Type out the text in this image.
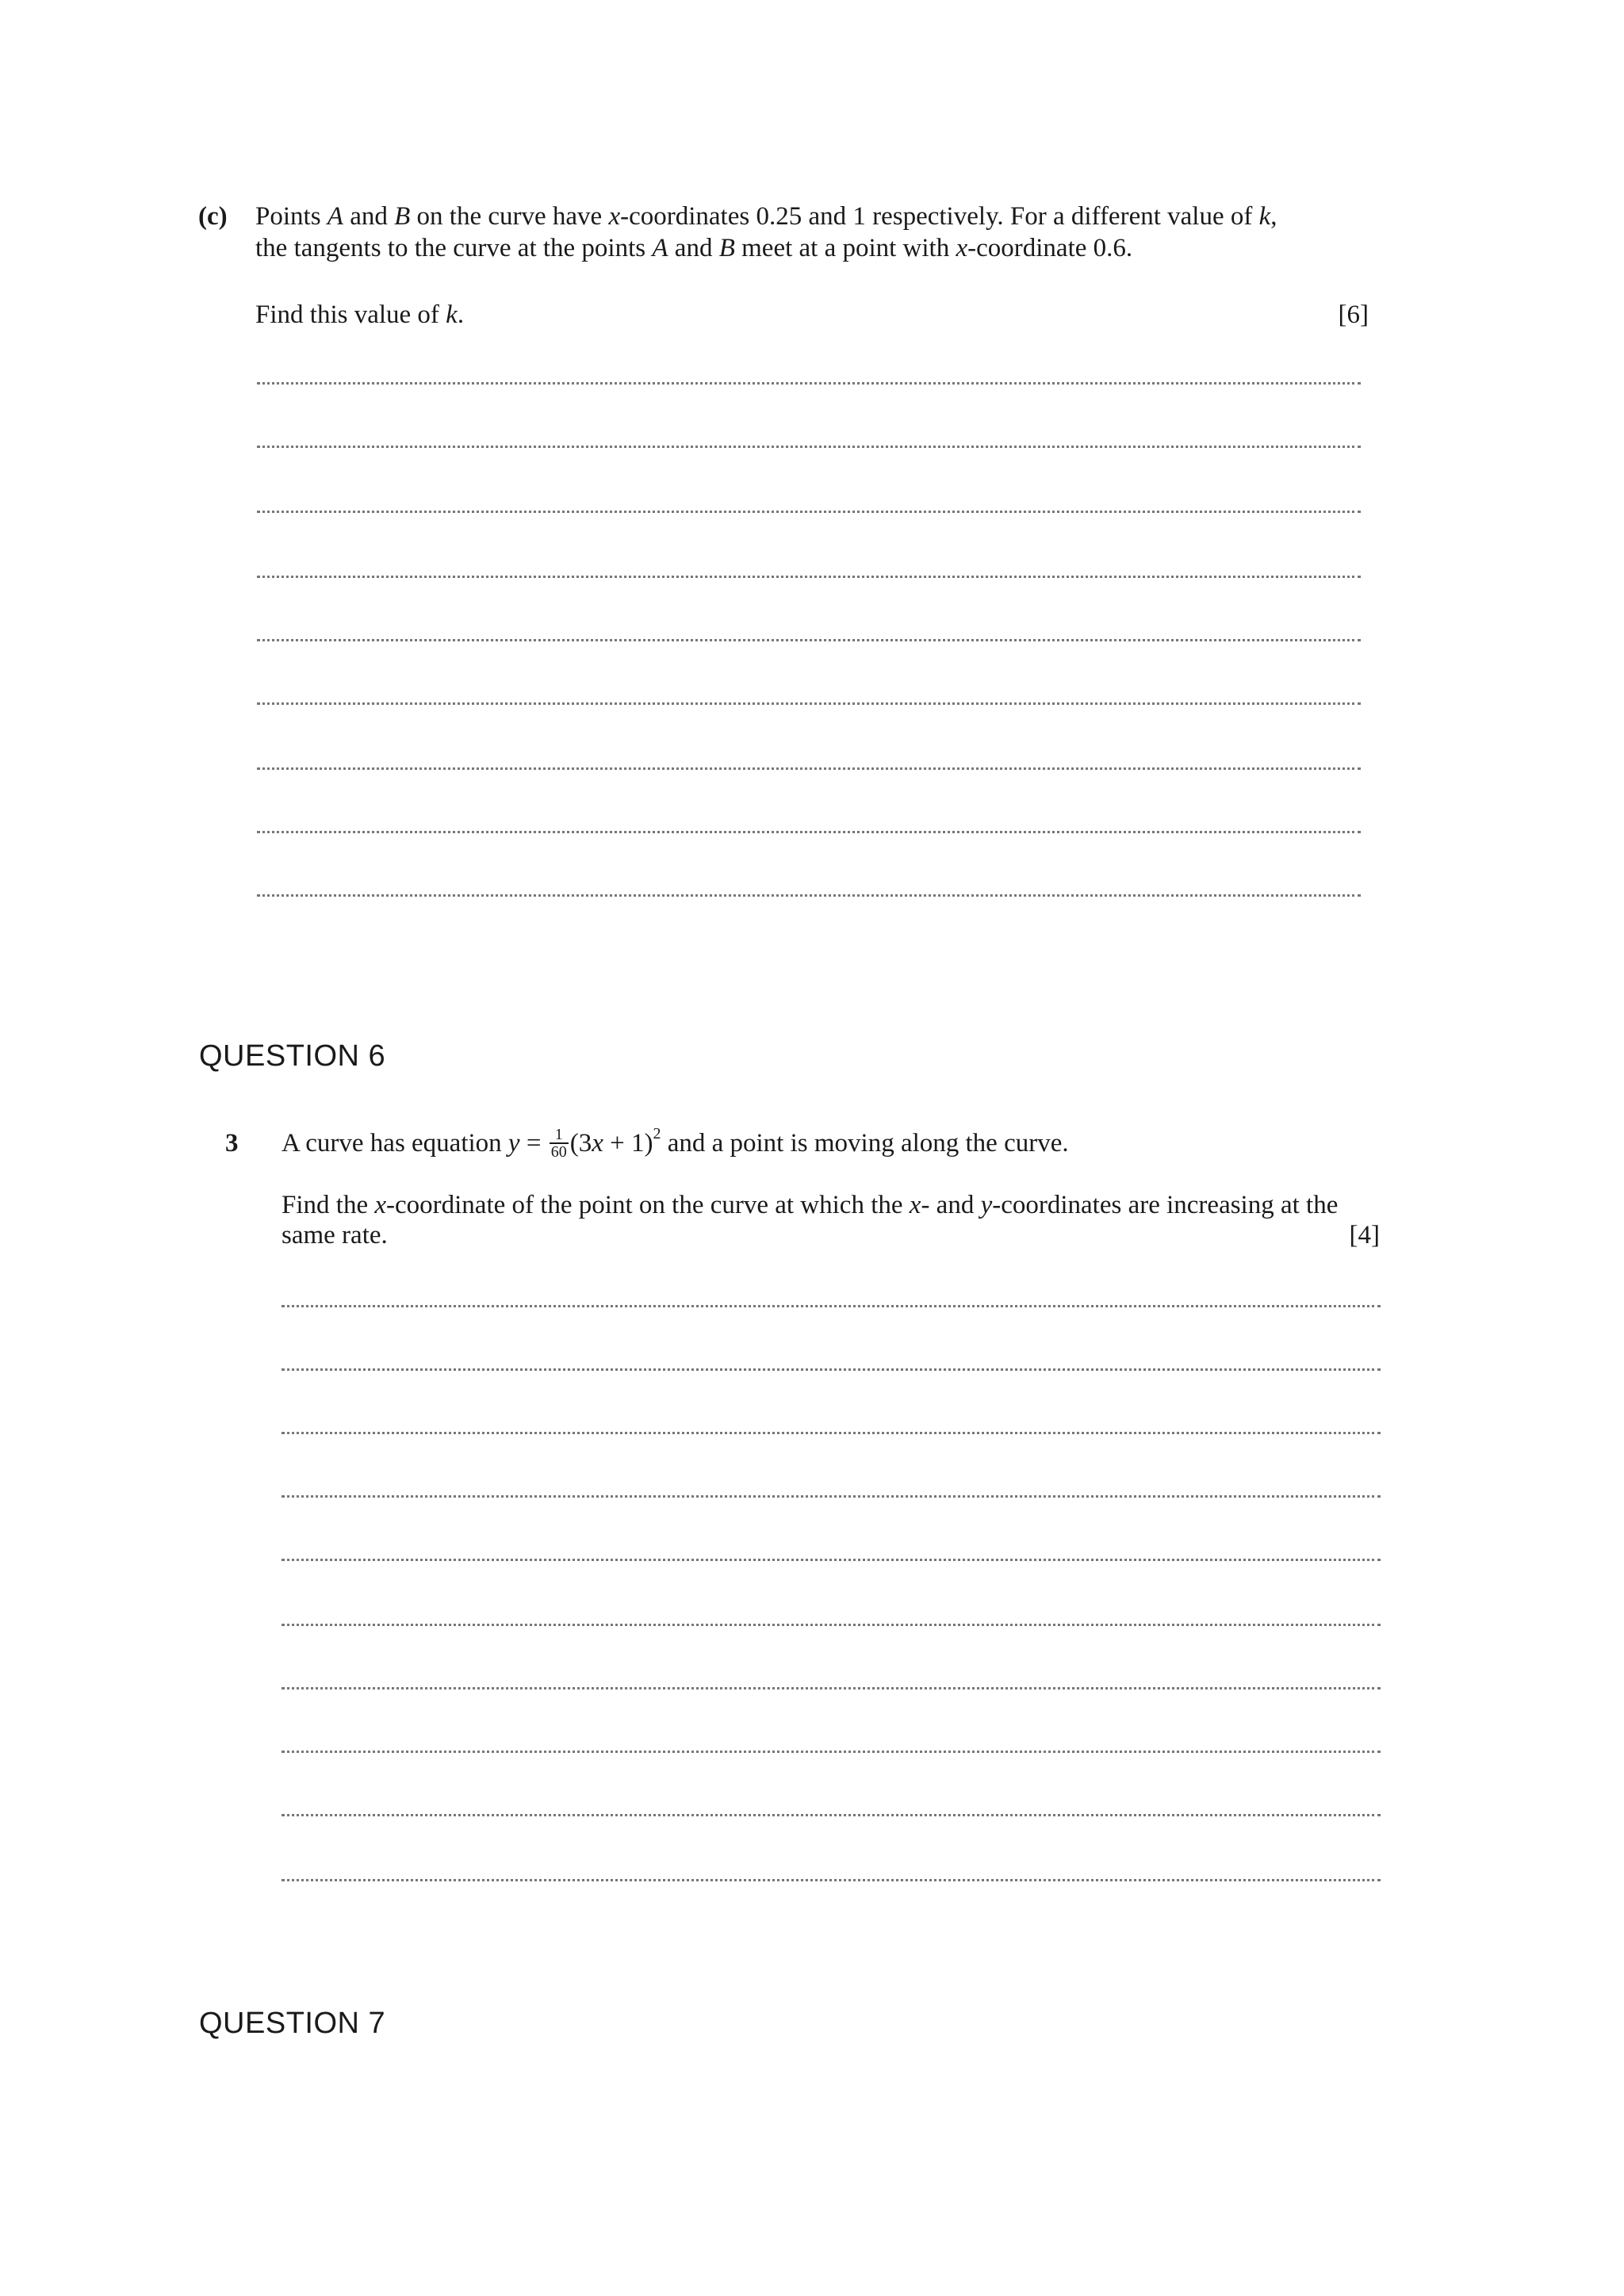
(c) Points A and B on the curve have x-coordinates 0.25 and 1 respectively. For a different value of k,
the tangents to the curve at the points A and B meet at a point with x-coordinate 0.6.
Find this value of k.	[6]
QUESTION 6
3 A curve has equation $y = \frac{1}{60} (3x + 1)^2$ and a point is moving along the curve.
Find the x-coordinate of the point on the curve at which the x- and y-coordinates are increasing at the
same rate.	[4]
QUESTION 7
